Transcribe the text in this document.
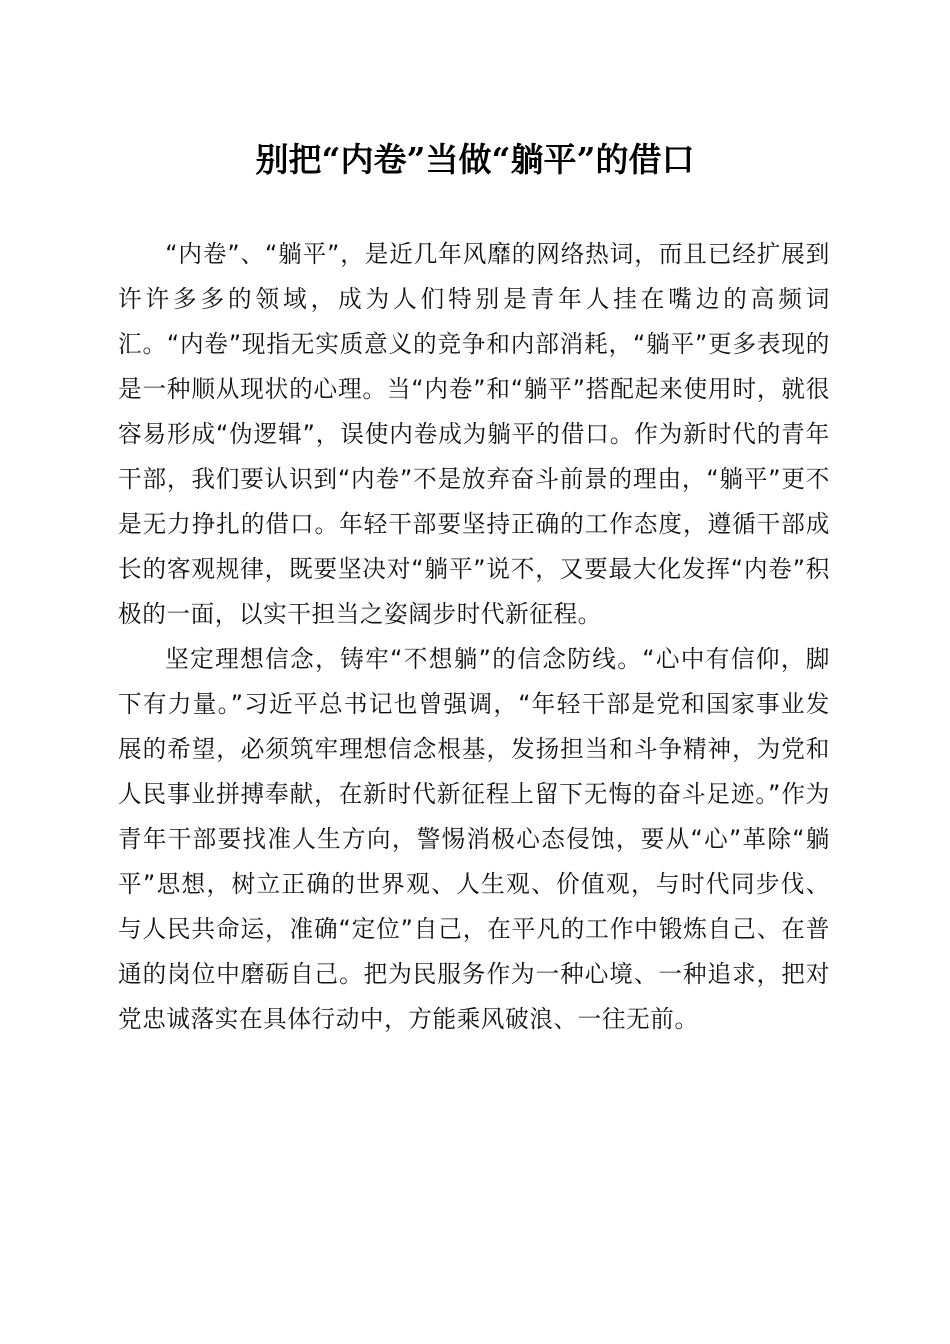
别把“内卷”当做“躺平”的借口

“内卷”、“躺平”，是近几年风靡的网络热词，而且已经扩展到许许多多的领域，成为人们特别是青年人挂在嘴边的高频词汇。“内卷”现指无实质意义的竞争和内部消耗，“躺平”更多表现的是一种顺从现状的心理。当“内卷”和“躺平”搭配起来使用时，就很容易形成“伪逻辑”，误使内卷成为躺平的借口。作为新时代的青年干部，我们要认识到“内卷”不是放弃奋斗前景的理由，“躺平”更不是无力挣扎的借口。年轻干部要坚持正确的工作态度，遵循干部成长的客观规律，既要坚决对“躺平”说不，又要最大化发挥“内卷”积极的一面，以实干担当之姿阔步时代新征程。

坚定理想信念，铸牢“不想躺”的信念防线。“心中有信仰，脚下有力量。”习近平总书记也曾强调，“年轻干部是党和国家事业发展的希望，必须筑牢理想信念根基，发扬担当和斗争精神，为党和人民事业拼搏奉献，在新时代新征程上留下无悔的奋斗足迹。”作为青年干部要找准人生方向，警惕消极心态侵蚀，要从“心”革除“躺平”思想，树立正确的世界观、人生观、价值观，与时代同步伐、与人民共命运，准确“定位”自己，在平凡的工作中锻炼自己、在普通的岗位中磨砺自己。把为民服务作为一种心境、一种追求，把对党忠诚落实在具体行动中，方能乘风破浪、一往无前。
